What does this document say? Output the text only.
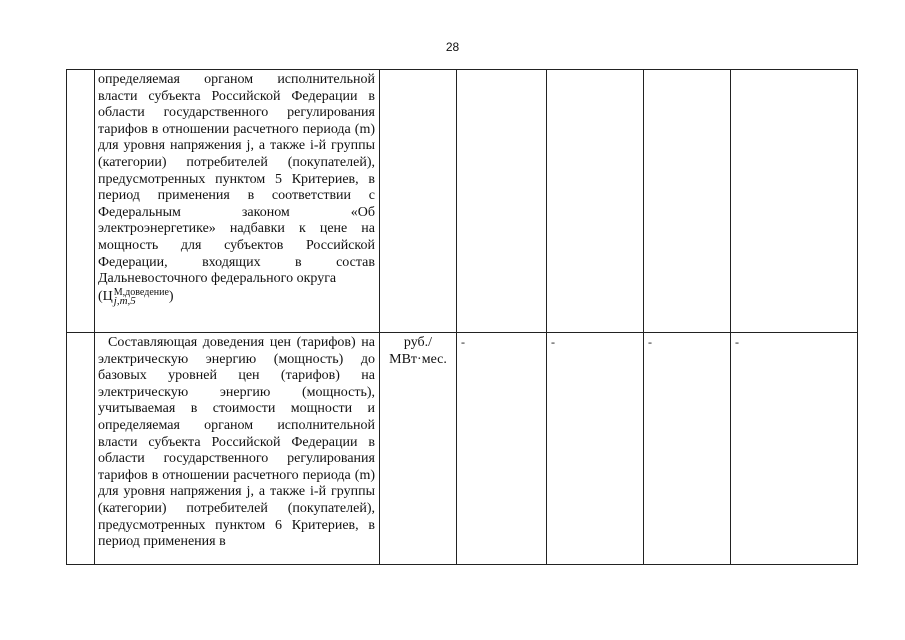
28

	определяемая органом исполнительной власти субъекта Российской Федерации в области государственного регулирования тарифов в отношении расчетного периода (m) для уровня напряжения j, а также i-й группы (категории) потребителей (покупателей), предусмотренных пунктом 5 Критериев, в период применения в соответствии с Федеральным законом «Об электроэнергетике» надбавки к цене на мощность для субъектов Российской Федерации, входящих в состав Дальневосточного федерального округа

(Ц М,доведение
j,m,5 )					

	Составляющая доведения цен (тарифов) на электрическую энергию (мощность) до базовых уровней цен (тарифов) на электрическую энергию (мощность), учитываемая в стоимости мощности и определяемая органом исполнительной власти субъекта Российской Федерации в области государственного регулирования тарифов в отношении расчетного периода (m) для уровня напряжения j, а также i-й группы (категории) потребителей (покупателей), предусмотренных пунктом 6 Критериев, в период применения в	руб./
МВт·мес.	-	-	-	-
